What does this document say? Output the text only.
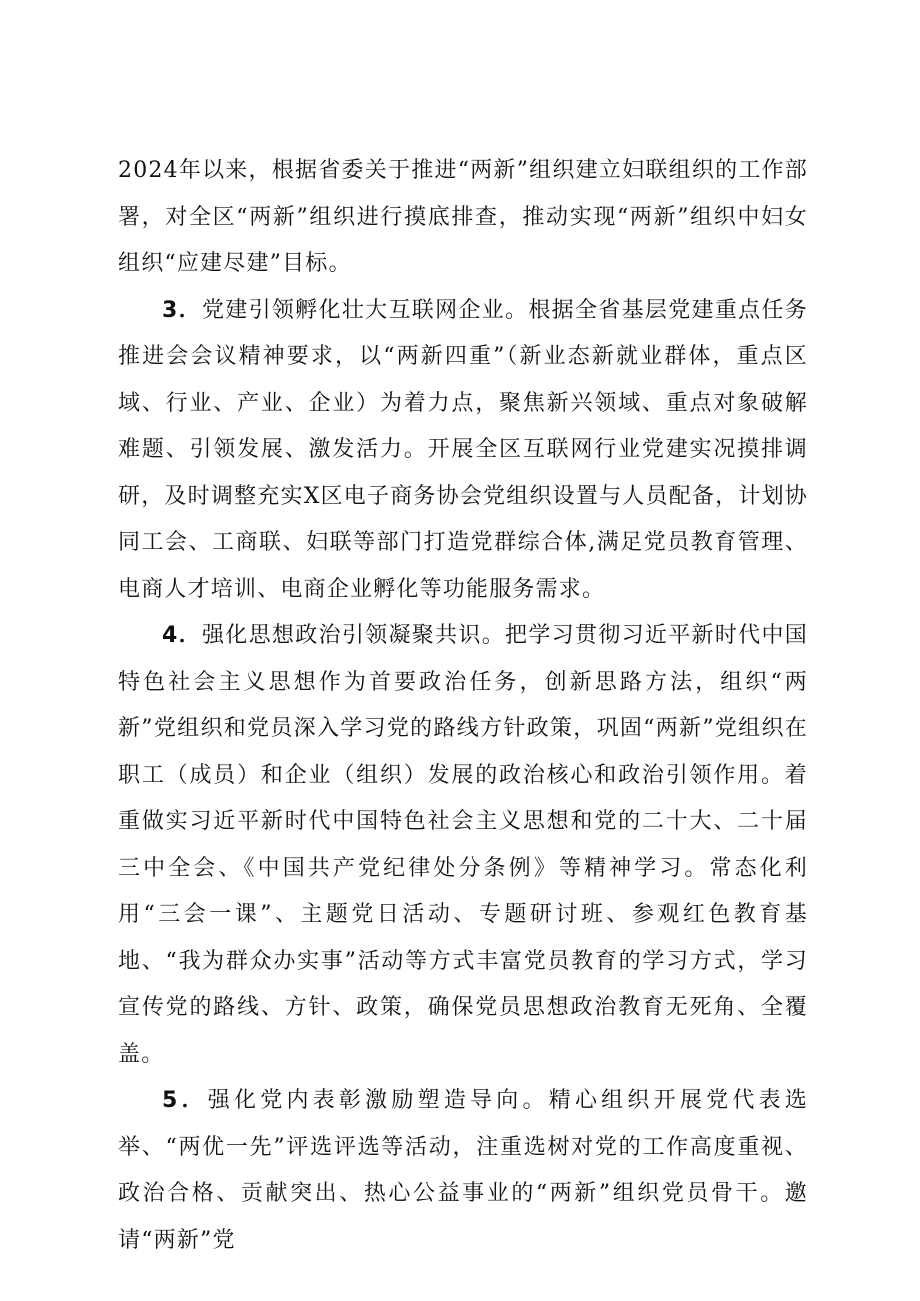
2024年以来，根据省委关于推进“两新”组织建立妇联组织的工作部署，对全区“两新”组织进行摸底排查，推动实现“两新”组织中妇女组织“应建尽建”目标。

3．党建引领孵化壮大互联网企业。根据全省基层党建重点任务推进会会议精神要求，以“两新四重”（新业态新就业群体，重点区域、行业、产业、企业）为着力点，聚焦新兴领域、重点对象破解难题、引领发展、激发活力。开展全区互联网行业党建实况摸排调研，及时调整充实X区电子商务协会党组织设置与人员配备，计划协同工会、工商联、妇联等部门打造党群综合体,满足党员教育管理、电商人才培训、电商企业孵化等功能服务需求。

4．强化思想政治引领凝聚共识。把学习贯彻习近平新时代中国特色社会主义思想作为首要政治任务，创新思路方法，组织“两新”党组织和党员深入学习党的路线方针政策，巩固“两新”党组织在职工（成员）和企业（组织）发展的政治核心和政治引领作用。着重做实习近平新时代中国特色社会主义思想和党的二十大、二十届三中全会、《中国共产党纪律处分条例》等精神学习。常态化利用“三会一课”、主题党日活动、专题研讨班、参观红色教育基地、“我为群众办实事”活动等方式丰富党员教育的学习方式，学习宣传党的路线、方针、政策，确保党员思想政治教育无死角、全覆盖。

5．强化党内表彰激励塑造导向。精心组织开展党代表选举、“两优一先”评选评选等活动，注重选树对党的工作高度重视、政治合格、贡献突出、热心公益事业的“两新”组织党员骨干。邀请“两新”党
